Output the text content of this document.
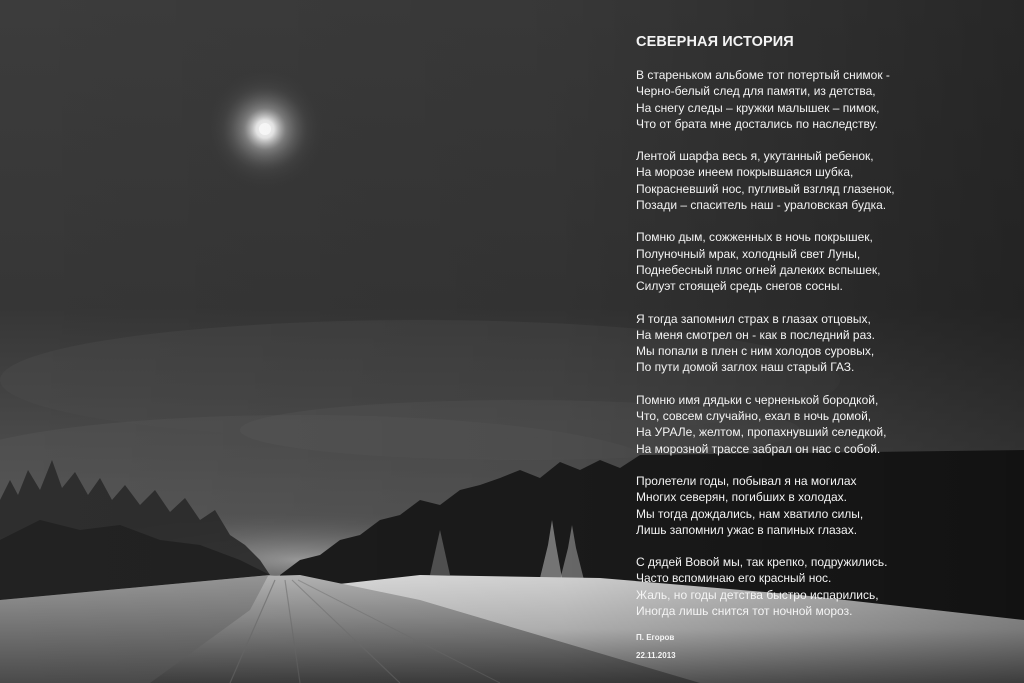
СЕВЕРНАЯ ИСТОРИЯ
В стареньком альбоме тот потертый снимок -
Черно-белый след для памяти, из детства,
На снегу следы – кружки малышек – пимок,
Что от брата мне достались по наследству.
Лентой шарфа весь я, укутанный ребенок,
На морозе инеем покрывшаяся шубка,
Покрасневший нос, пугливый взгляд глазенок,
Позади – спаситель наш - ураловская будка.
Помню дым, сожженных в ночь покрышек,
Полуночный мрак, холодный свет Луны,
Поднебесный пляс огней далеких вспышек,
Силуэт стоящей средь снегов сосны.
Я тогда запомнил страх в глазах отцовых,
На меня смотрел он - как в последний раз.
Мы попали в плен с ним холодов суровых,
По пути домой заглох наш старый ГАЗ.
Помню имя дядьки с черненькой бородкой,
Что, совсем случайно, ехал в ночь домой,
На УРАЛе, желтом, пропахнувший селедкой,
На морозной трассе забрал он нас с собой.
Пролетели годы, побывал я на могилах
Многих северян, погибших в холодах.
Мы тогда дождались, нам хватило силы,
Лишь запомнил ужас в папиных глазах.
С дядей Вовой мы, так крепко, подружились.
Часто вспоминаю его красный нос.
Жаль, но годы детства быстро испарились,
Иногда лишь снится тот ночной мороз.
П. Егоров
22.11.2013
